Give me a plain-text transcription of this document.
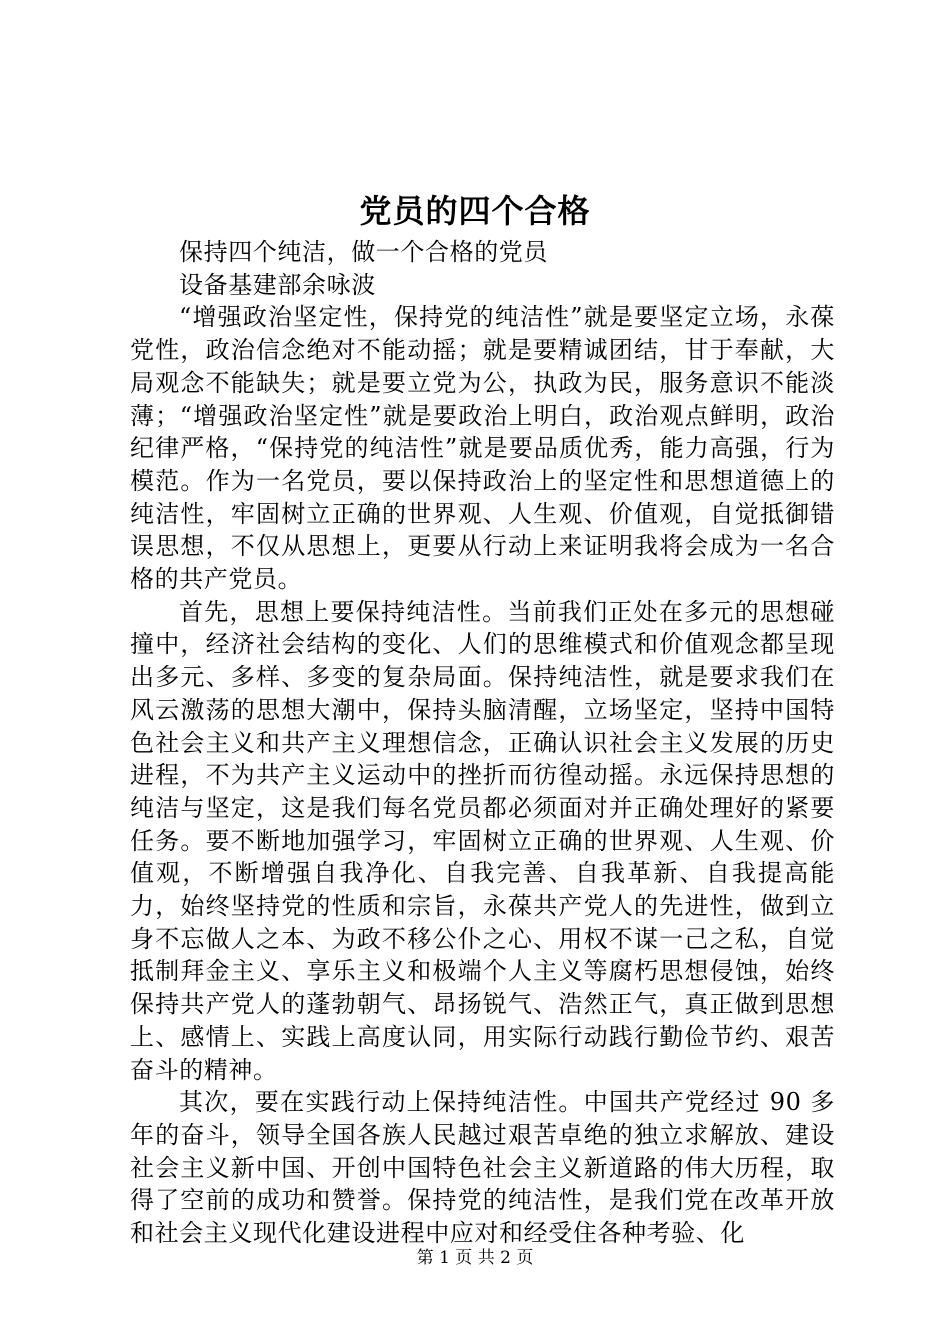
党员的四个合格

保持四个纯洁，做一个合格的党员

设备基建部余咏波

“增强政治坚定性，保持党的纯洁性”就是要坚定立场，永葆党性，政治信念绝对不能动摇；就是要精诚团结，甘于奉献，大局观念不能缺失；就是要立党为公，执政为民，服务意识不能淡薄；“增强政治坚定性”就是要政治上明白，政治观点鲜明，政治纪律严格，“保持党的纯洁性”就是要品质优秀，能力高强，行为模范。作为一名党员，要以保持政治上的坚定性和思想道德上的纯洁性，牢固树立正确的世界观、人生观、价值观，自觉抵御错误思想，不仅从思想上，更要从行动上来证明我将会成为一名合格的共产党员。

首先，思想上要保持纯洁性。当前我们正处在多元的思想碰撞中，经济社会结构的变化、人们的思维模式和价值观念都呈现出多元、多样、多变的复杂局面。保持纯洁性，就是要求我们在风云激荡的思想大潮中，保持头脑清醒，立场坚定，坚持中国特色社会主义和共产主义理想信念，正确认识社会主义发展的历史进程，不为共产主义运动中的挫折而彷徨动摇。永远保持思想的纯洁与坚定，这是我们每名党员都必须面对并正确处理好的紧要任务。要不断地加强学习，牢固树立正确的世界观、人生观、价值观，不断增强自我净化、自我完善、自我革新、自我提高能力，始终坚持党的性质和宗旨，永葆共产党人的先进性，做到立身不忘做人之本、为政不移公仆之心、用权不谋一己之私，自觉抵制拜金主义、享乐主义和极端个人主义等腐朽思想侵蚀，始终保持共产党人的蓬勃朝气、昂扬锐气、浩然正气，真正做到思想上、感情上、实践上高度认同，用实际行动践行勤俭节约、艰苦奋斗的精神。

其次，要在实践行动上保持纯洁性。中国共产党经过 90 多年的奋斗，领导全国各族人民越过艰苦卓绝的独立求解放、建设社会主义新中国、开创中国特色社会主义新道路的伟大历程，取得了空前的成功和赞誉。保持党的纯洁性，是我们党在改革开放和社会主义现代化建设进程中应对和经受住各种考验、化

第 1 页 共 2 页
